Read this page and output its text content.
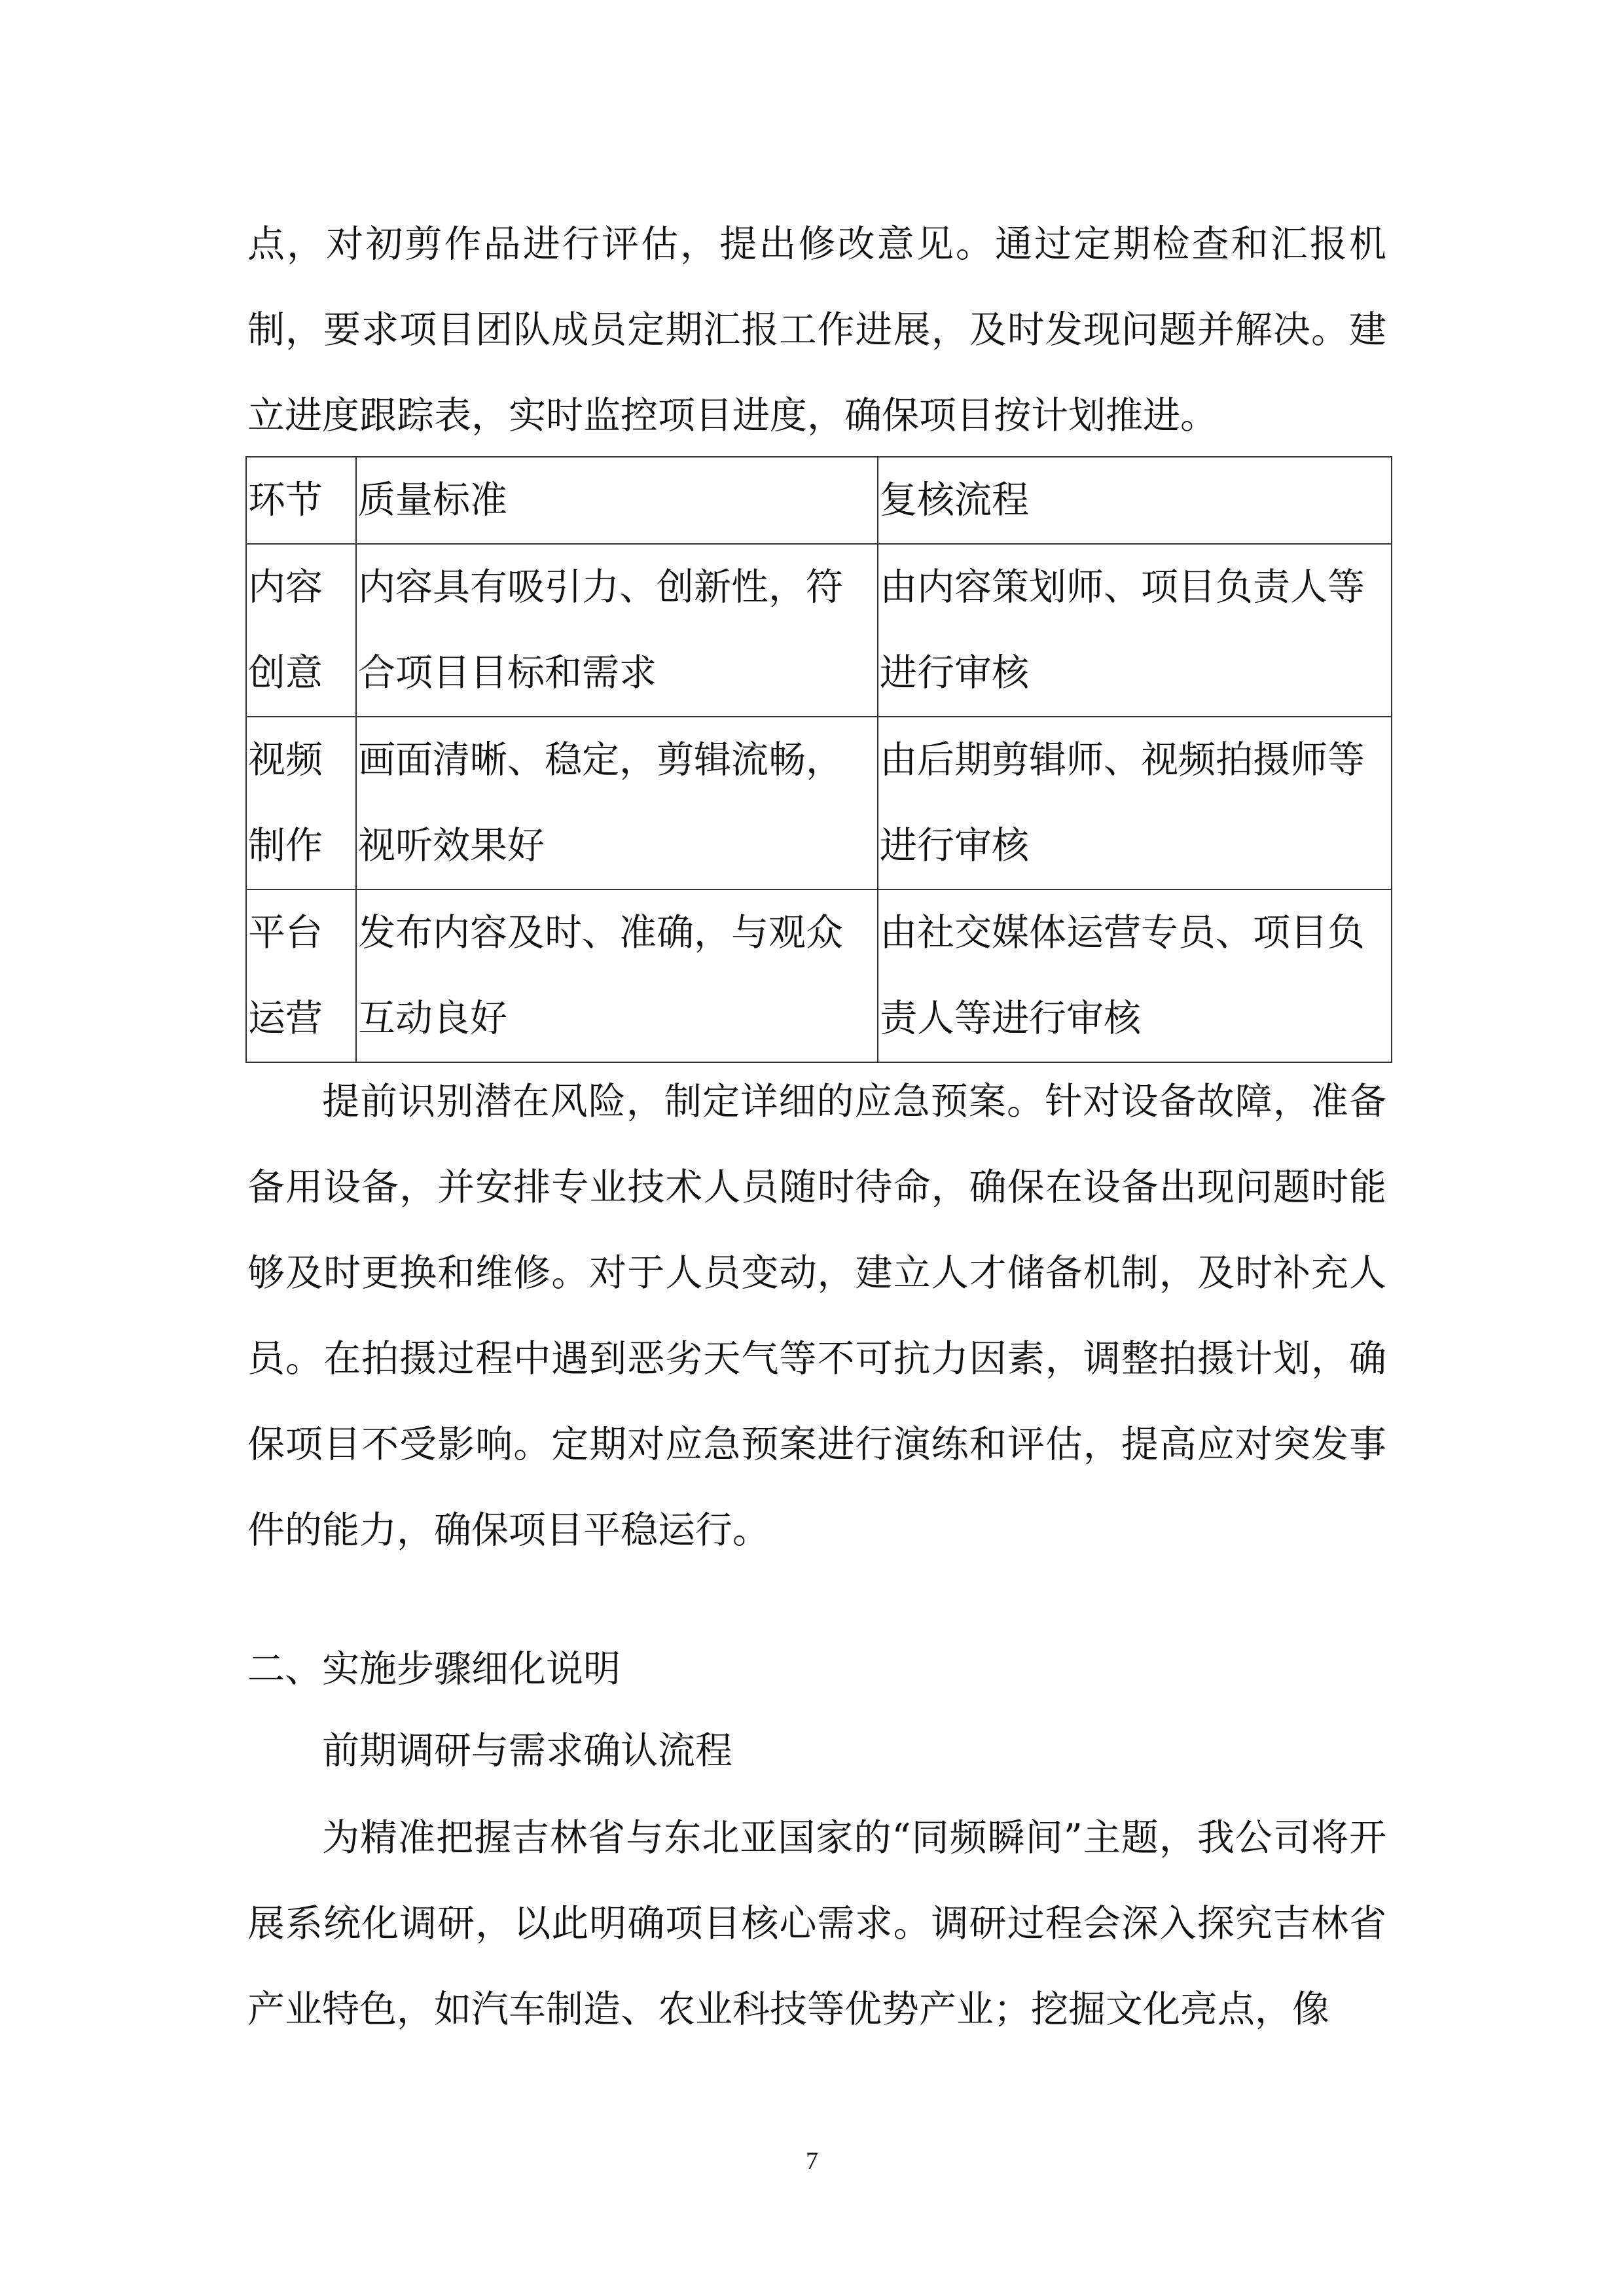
点，对初剪作品进行评估，提出修改意见。通过定期检查和汇报机制，要求项目团队成员定期汇报工作进展，及时发现问题并解决。建立进度跟踪表，实时监控项目进度，确保项目按计划推进。

环节	质量标准	复核流程
内容创意	内容具有吸引力、创新性，符合项目目标和需求	由内容策划师、项目负责人等进行审核
视频制作	画面清晰、稳定，剪辑流畅，视听效果好	由后期剪辑师、视频拍摄师等进行审核
平台运营	发布内容及时、准确，与观众互动良好	由社交媒体运营专员、项目负责人等进行审核

提前识别潜在风险，制定详细的应急预案。针对设备故障，准备备用设备，并安排专业技术人员随时待命，确保在设备出现问题时能够及时更换和维修。对于人员变动，建立人才储备机制，及时补充人员。在拍摄过程中遇到恶劣天气等不可抗力因素，调整拍摄计划，确保项目不受影响。定期对应急预案进行演练和评估，提高应对突发事件的能力，确保项目平稳运行。

二、实施步骤细化说明

前期调研与需求确认流程

为精准把握吉林省与东北亚国家的“同频瞬间”主题，我公司将开展系统化调研，以此明确项目核心需求。调研过程会深入探究吉林省产业特色，如汽车制造、农业科技等优势产业；挖掘文化亮点，像

7
